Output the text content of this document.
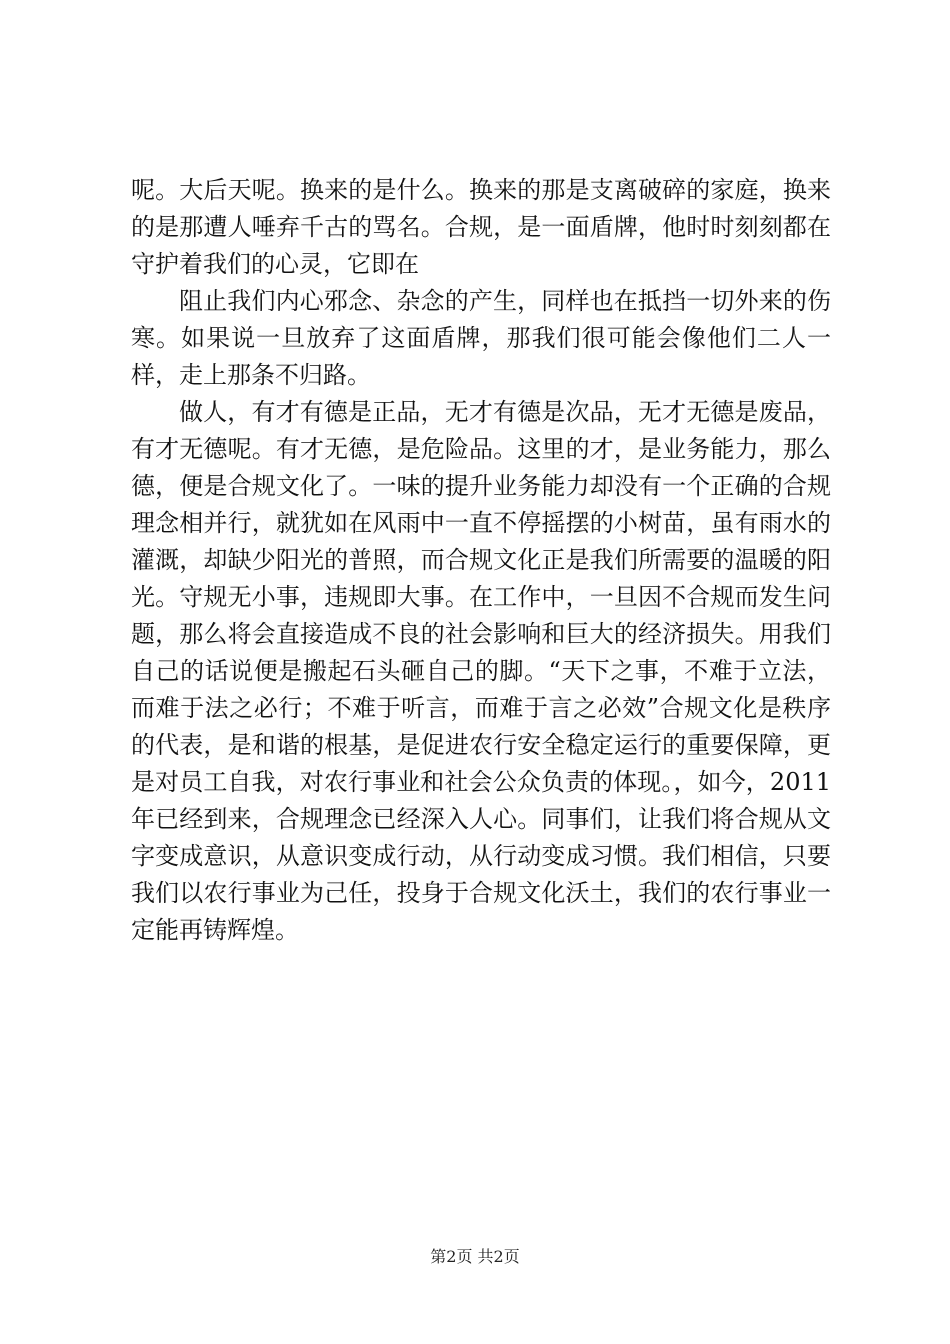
呢。大后天呢。换来的是什么。换来的那是支离破碎的家庭，换来的是那遭人唾弃千古的骂名。合规，是一面盾牌，他时时刻刻都在守护着我们的心灵，它即在

阻止我们内心邪念、杂念的产生，同样也在抵挡一切外来的伤寒。如果说一旦放弃了这面盾牌，那我们很可能会像他们二人一样，走上那条不归路。

做人，有才有德是正品，无才有德是次品，无才无德是废品，有才无德呢。有才无德，是危险品。这里的才，是业务能力，那么德，便是合规文化了。一味的提升业务能力却没有一个正确的合规理念相并行，就犹如在风雨中一直不停摇摆的小树苗，虽有雨水的灌溉，却缺少阳光的普照，而合规文化正是我们所需要的温暖的阳光。守规无小事，违规即大事。在工作中，一旦因不合规而发生问题，那么将会直接造成不良的社会影响和巨大的经济损失。用我们自己的话说便是搬起石头砸自己的脚。“天下之事，不难于立法，而难于法之必行；不难于听言，而难于言之必效”合规文化是秩序的代表，是和谐的根基，是促进农行安全稳定运行的重要保障，更是对员工自我，对农行事业和社会公众负责的体现。，如今，2011年已经到来，合规理念已经深入人心。同事们，让我们将合规从文字变成意识，从意识变成行动，从行动变成习惯。我们相信，只要我们以农行事业为己任，投身于合规文化沃土，我们的农行事业一定能再铸辉煌。

第2页 共2页
